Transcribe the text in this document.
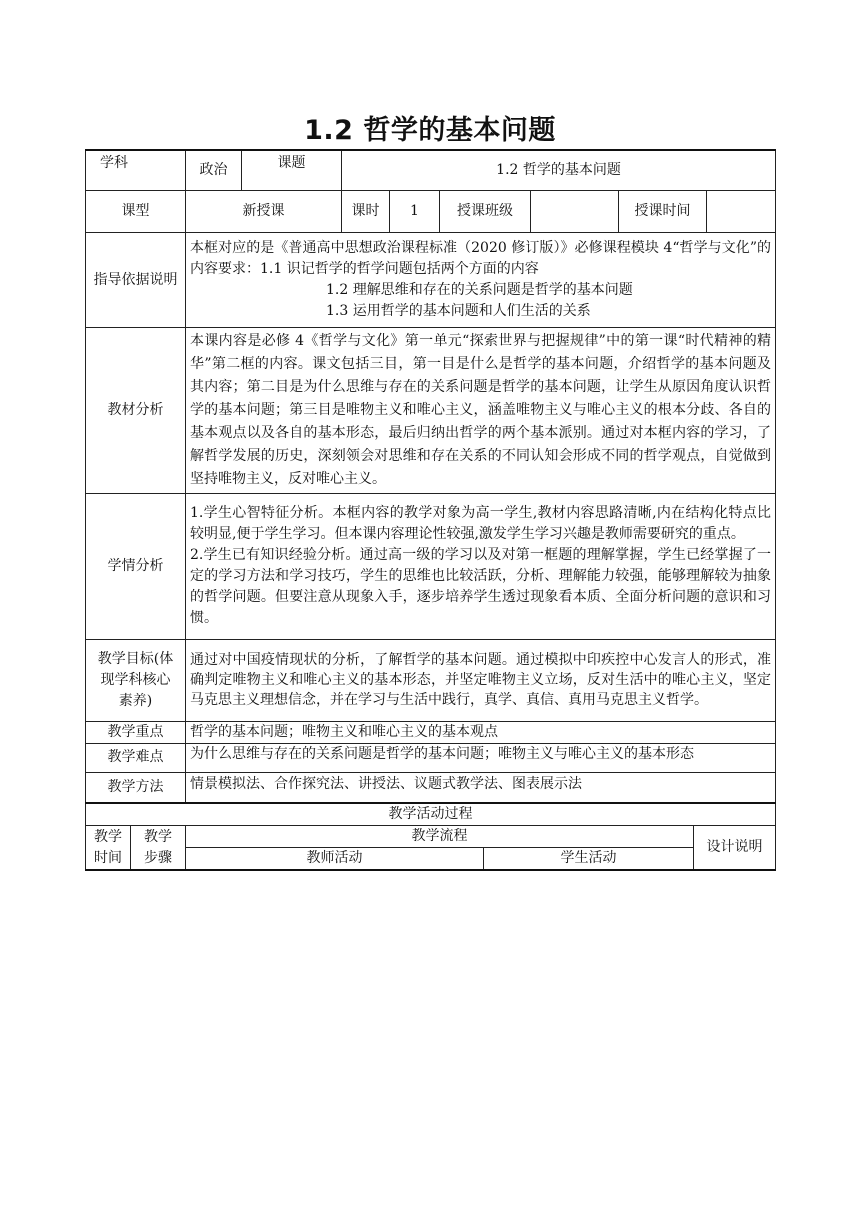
1.2 哲学的基本问题
学科	政治	课题	1.2 哲学的基本问题					
课型	新授课		课时	1	授课班级		授课时间	
指导依据说明	本框对应的是《普通高中思想政治课程标准（2020 修订版）》必修课程模块 4“哲学与文化”的内容要求：1.1 识记哲学的哲学问题包括两个方面的内容
1.2 理解思维和存在的关系问题是哲学的基本问题
1.3 运用哲学的基本问题和人们生活的关系							

教材分析	本课内容是必修 4《哲学与文化》第一单元“探索世界与把握规律”中的第一课“时代精神的精华”第二框的内容。课文包括三目，第一目是什么是哲学的基本问题，介绍哲学的基本问题及其内容；第二目是为什么思维与存在的关系问题是哲学的基本问题，让学生从原因角度认识哲学的基本问题；第三目是唯物主义和唯心主义，涵盖唯物主义与唯心主义的根本分歧、各自的基本观点以及各自的基本形态，最后归纳出哲学的两个基本派别。通过对本框内容的学习，了解哲学发展的历史，深刻领会对思维和存在关系的不同认知会形成不同的哲学观点，自觉做到坚持唯物主义，反对唯心主义。							
学情分析	1.学生心智特征分析。本框内容的教学对象为高一学生,教材内容思路清晰,内在结构化特点比较明显,便于学生学习。但本课内容理论性较强,激发学生学习兴趣是教师需要研究的重点。
2.学生已有知识经验分析。通过高一级的学习以及对第一框题的理解掌握，学生已经掌握了一定的学习方法和学习技巧，学生的思维也比较活跃，分析、理解能力较强，能够理解较为抽象的哲学问题。但要注意从现象入手，逐步培养学生透过现象看本质、全面分析问题的意识和习惯。							

教学目标(体现学科核心素养)	通过对中国疫情现状的分析，了解哲学的基本问题。通过模拟中印疾控中心发言人的形式，准确判定唯物主义和唯心主义的基本形态，并坚定唯物主义立场，反对生活中的唯心主义，坚定马克思主义理想信念，并在学习与生活中践行，真学、真信、真用马克思主义哲学。							
教学重点	哲学的基本问题；唯物主义和唯心主义的基本观点							
教学难点	为什么思维与存在的关系问题是哲学的基本问题；唯物主义与唯心主义的基本形态							
教学方法	情景模拟法、合作探究法、讲授法、议题式教学法、图表展示法							
教学活动过程								
教学时间	教学步骤	教学流程		设计说明
		教师活动	学生活动	
